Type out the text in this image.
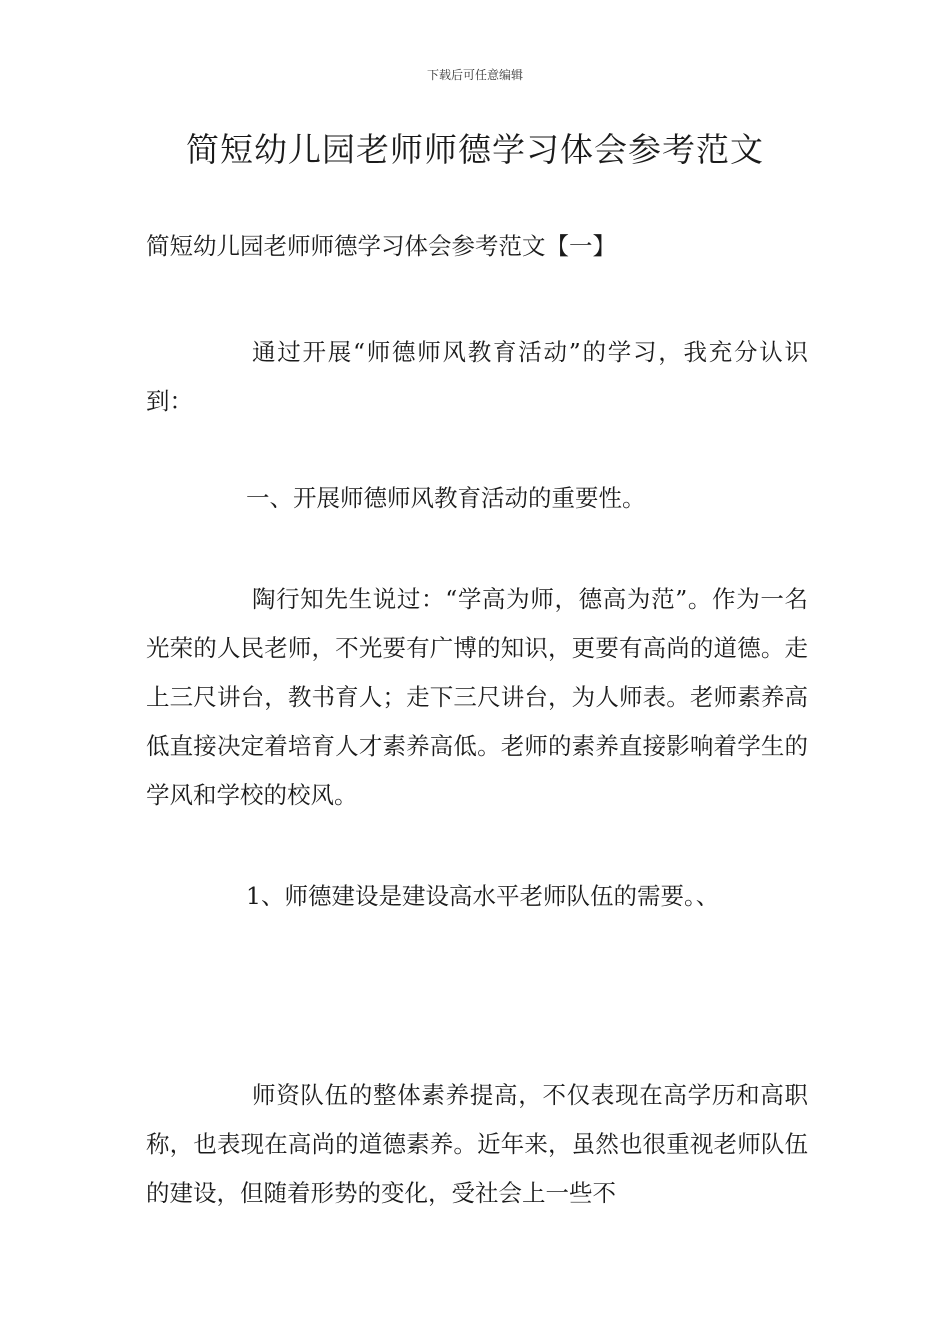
下载后可任意编辑

简短幼儿园老师师德学习体会参考范文

简短幼儿园老师师德学习体会参考范文【一】

通过开展“师德师风教育活动”的学习，我充分认识到：

一、开展师德师风教育活动的重要性。

陶行知先生说过：“学高为师，德高为范”。作为一名光荣的人民老师，不光要有广博的知识，更要有高尚的道德。走上三尺讲台，教书育人；走下三尺讲台，为人师表。老师素养高低直接决定着培育人才素养高低。老师的素养直接影响着学生的学风和学校的校风。

1、师德建设是建设高水平老师队伍的需要。、

师资队伍的整体素养提高，不仅表现在高学历和高职称，也表现在高尚的道德素养。近年来，虽然也很重视老师队伍的建设，但随着形势的变化，受社会上一些不
